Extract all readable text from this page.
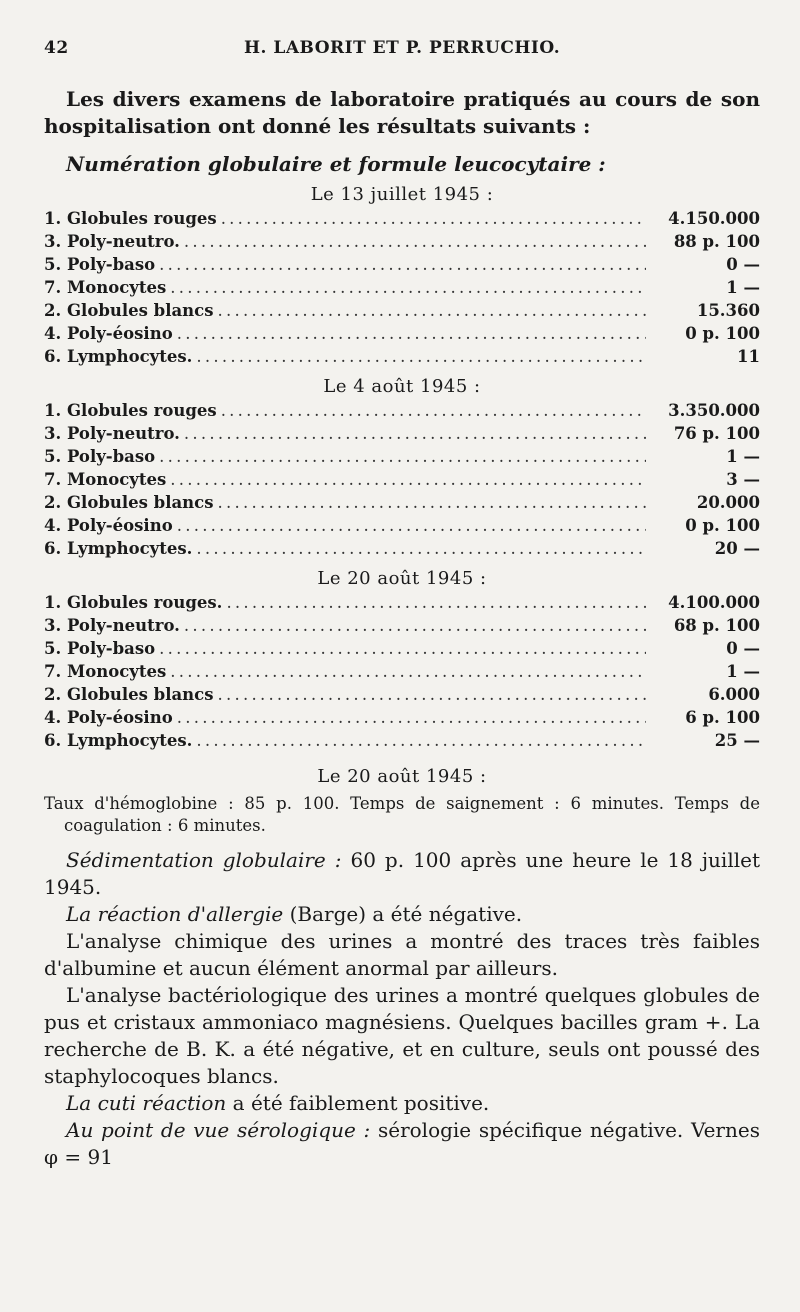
42	H. LABORIT ET P. PERRUCHIO.

Les divers examens de laboratoire pratiqués au cours de son hospitalisation ont donné les résultats suivants :

Numération globulaire et formule leucocytaire :
Le 13 juillet 1945 :
1. Globules rouges . . .	4.150.000
3. Poly-neutro. . . .	88 p. 100
5. Poly-baso . . .	0 —
7. Monocytes . . .	1 —
2. Globules blancs . . .	15.360
4. Poly-éosino . . .	0 p. 100
6. Lymphocytes. . . .	11
Le 4 août 1945 :
1. Globules rouges . . .	3.350.000
3. Poly-neutro. . . .	76 p. 100
5. Poly-baso . . .	1 —
7. Monocytes . . .	3 —
2. Globules blancs . . .	20.000
4. Poly-éosino . . .	0 p. 100
6. Lymphocytes. . . .	20 —
Le 20 août 1945 :
1. Globules rouges. . . .	4.100.000
3. Poly-neutro. . . .	68 p. 100
5. Poly-baso . . .	0 —
7. Monocytes . . .	1 —
2. Globules blancs . . .	6.000
4. Poly-éosino . . .	6 p. 100
6. Lymphocytes. . . .	25 —
Le 20 août 1945 :

Taux d'hémoglobine : 85 p. 100. Temps de saignement : 6 minutes. Temps de coagulation : 6 minutes.

Sédimentation globulaire : 60 p. 100 après une heure le 18 juillet 1945.

La réaction d'allergie (Barge) a été négative.

L'analyse chimique des urines a montré des traces très faibles d'albumine et aucun élément anormal par ailleurs.

L'analyse bactériologique des urines a montré quelques globules de pus et cristaux ammoniaco magnésiens. Quelques bacilles gram +. La recherche de B. K. a été négative, et en culture, seuls ont poussé des staphylocoques blancs.

La cuti réaction a été faiblement positive.

Au point de vue sérologique : sérologie spécifique négative. Vernes φ = 91
